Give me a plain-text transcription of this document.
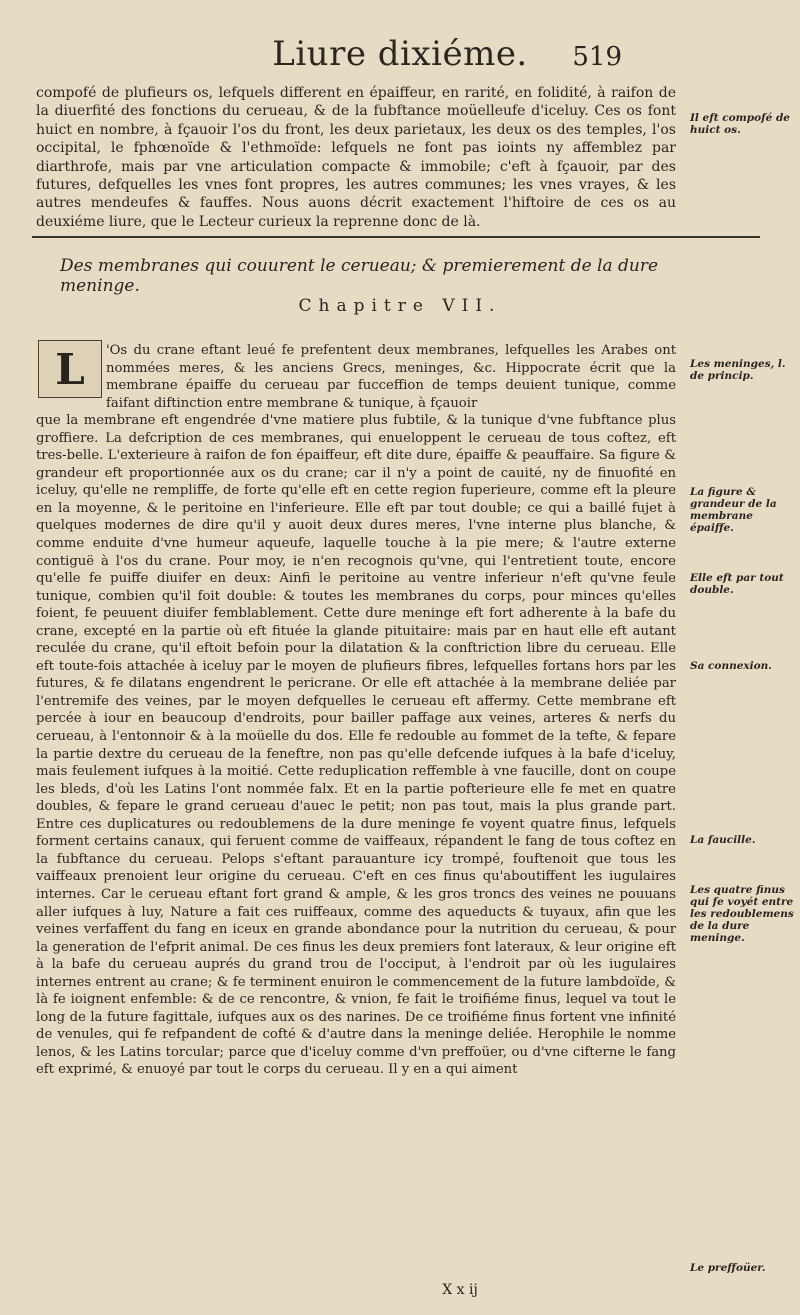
Liure dixiéme.	519

compofé de plufieurs os, lefquels different en épaiffeur, en rarité, en folidité, à raifon de la diuerfité des fonctions du cerueau, & de la fubftance moüelleufe d'iceluy. Ces os font huict en nombre, à fçauoir l'os du front, les deux parietaux, les deux os des temples, l'os occipital, le fphœnoïde & l'ethmoïde: lefquels ne font pas ioints ny affemblez par diarthrofe, mais par vne articulation compacte & immobile; c'eft à fçauoir, par des futures, defquelles les vnes font propres, les autres communes; les vnes vrayes, & les autres mendeufes & fauffes. Nous auons décrit exactement l'hiftoire de ces os au deuxiéme liure, que le Lecteur curieux la reprenne donc de là.

Il eft compofé de huict os.
Des membranes qui couurent le cerueau; & premierement de la dure meninge.
Chapitre VII.
L	'Os du crane eftant leué fe prefentent deux membranes, lefquelles les Arabes ont nommées meres, & les anciens Grecs, meninges, &c. Hippocrate écrit que la membrane épaiffe du cerueau par fucceffion de temps deuient tunique, comme faifant diftinction entre membrane & tunique, à fçauoir
que la membrane eft engendrée d'vne matiere plus fubtile, & la tunique d'vne fubftance plus groffiere. La defcription de ces membranes, qui enueloppent le cerueau de tous coftez, eft tres-belle. L'exterieure à raifon de fon épaiffeur, eft dite dure, épaiffe & peauffaire. Sa figure & grandeur eft proportionnée aux os du crane; car il n'y a point de cauité, ny de finuofité en iceluy, qu'elle ne rempliffe, de forte qu'elle eft en cette region fuperieure, comme eft la pleure en la moyenne, & le peritoine en l'inferieure. Elle eft par tout double; ce qui a baillé fujet à quelques modernes de dire qu'il y auoit deux dures meres, l'vne interne plus blanche, & comme enduite d'vne humeur aqueufe, laquelle touche à la pie mere; & l'autre externe contiguë à l'os du crane. Pour moy, ie n'en recognois qu'vne, qui l'entretient toute, encore qu'elle fe puiffe diuifer en deux: Ainfi le peritoine au ventre inferieur n'eft qu'vne feule tunique, combien qu'il foit double: & toutes les membranes du corps, pour minces qu'elles foient, fe peuuent diuifer femblablement. Cette dure meninge eft fort adherente à la bafe du crane, excepté en la partie où eft fituée la glande pituitaire: mais par en haut elle eft autant reculée du crane, qu'il eftoit befoin pour la dilatation & la conftriction libre du cerueau. Elle eft toute-fois attachée à iceluy par le moyen de plufieurs fibres, lefquelles fortans hors par les futures, & fe dilatans engendrent le pericrane. Or elle eft attachée à la membrane deliée par l'entremife des veines, par le moyen defquelles le cerueau eft affermy. Cette membrane eft percée à iour en beaucoup d'endroits, pour bailler paffage aux veines, arteres & nerfs du cerueau, à l'entonnoir & à la moüelle du dos. Elle fe redouble au fommet de la tefte, & fepare la partie dextre du cerueau de la feneftre, non pas qu'elle defcende iufques à la bafe d'iceluy, mais feulement iufques à la moitié. Cette reduplication reffemble à vne faucille, dont on coupe les bleds, d'où les Latins l'ont nommée falx. Et en la partie pofterieure elle fe met en quatre doubles, & fepare le grand cerueau d'auec le petit; non pas tout, mais la plus grande part. Entre ces duplicatures ou redoublemens de la dure meninge fe voyent quatre finus, lefquels forment certains canaux, qui feruent comme de vaiffeaux, répandent le fang de tous coftez en la fubftance du cerueau. Pelops s'eftant parauanture icy trompé, fouftenoit que tous les vaiffeaux prenoient leur origine du cerueau. C'eft en ces finus qu'aboutiffent les iugulaires internes. Car le cerueau eftant fort grand & ample, & les gros troncs des veines ne pouuans aller iufques à luy, Nature a fait ces ruiffeaux, comme des aqueducts & tuyaux, afin que les veines verfaffent du fang en iceux en grande abondance pour la nutrition du cerueau, & pour la generation de l'efprit animal. De ces finus les deux premiers font lateraux, & leur origine eft à la bafe du cerueau auprés du grand trou de l'occiput, à l'endroit par où les iugulaires internes entrent au crane; & fe terminent enuiron le commencement de la future lambdoïde, & là fe ioignent enfemble: & de ce rencontre, & vnion, fe fait le troifiéme finus, lequel va tout le long de la future fagittale, iufques aux os des narines. De ce troifiéme finus fortent vne infinité de venules, qui fe refpandent de cofté & d'autre dans la meninge deliée. Herophile le nomme lenos, & les Latins torcular; parce que d'iceluy comme d'vn preffoüer, ou d'vne cifterne le fang eft exprimé, & enuoyé par tout le corps du cerueau. Il y en a qui aiment
Les meninges, l. de princip.
La figure & grandeur de la membrane épaiffe.
Elle eft par tout double.
Sa connexion.
La faucille.
Les quatre finus qui fe voyét entre les redoublemens de la dure meninge.
Le preffoüer.
X x ij
